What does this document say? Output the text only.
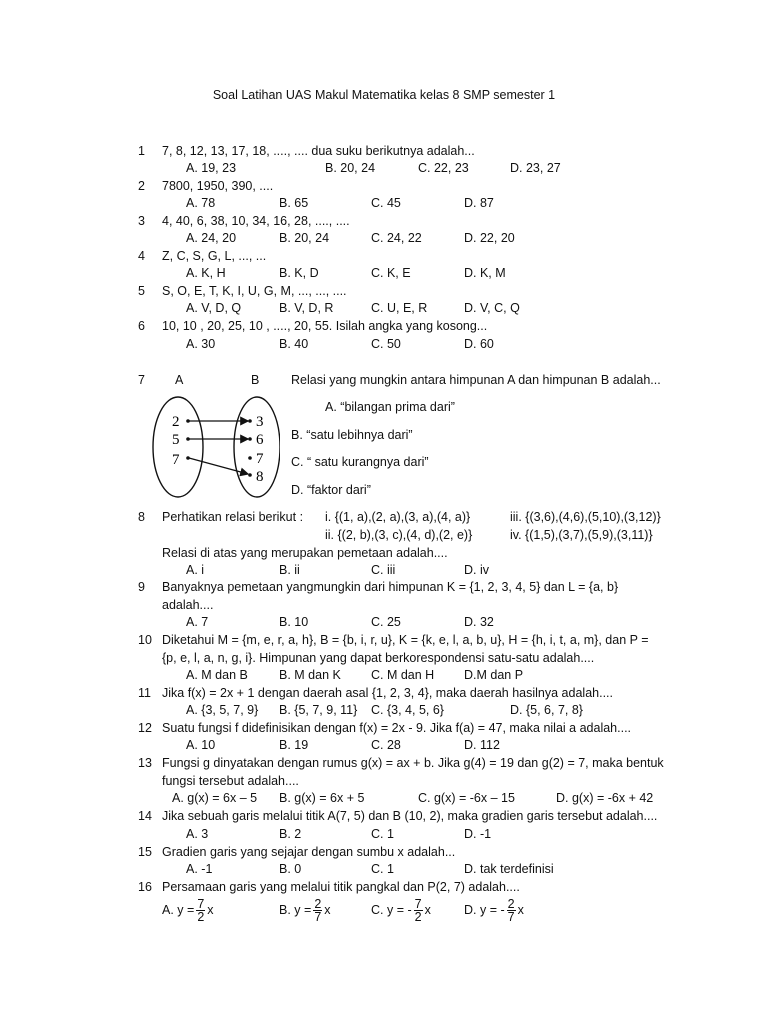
Soal Latihan UAS Makul Matematika kelas 8 SMP semester 1
1	7, 8, 12, 13, 17, 18, ...., .... dua suku berikutnya adalah...
A. 19, 23	B. 20, 24	C. 22, 23	D. 23, 27
2	7800, 1950, 390, ....
A. 78	B. 65	C. 45	D. 87
3	4, 40, 6, 38, 10, 34, 16, 28, ...., ....
A. 24, 20	B. 20, 24	C. 24, 22	D. 22, 20
4	Z, C, S, G, L, ..., ...
A. K, H	B. K, D	C. K, E	D. K, M
5	S, O, E, T, K, I, U, G, M, ..., ..., ....
A. V, D, Q	B. V, D, R	C. U, E, R	D. V, C, Q
6	10, 10 , 20, 25, 10 , ...., 20, 55. Isilah angka yang kosong...
A. 30	B. 40	C. 50	D. 60
7	A	B	Relasi yang mungkin antara himpunan A dan himpunan B adalah...
A. “bilangan prima dari”
B. “satu lebihnya dari”
C. “ satu kurangnya dari”
D. “faktor dari”
2
5
7
3
6
7
8
8	Perhatikan relasi berikut : i. {(1, a),(2, a),(3, a),(4, a)}
ii. {(2, b),(3, c),(4, d),(2, e)}
iii. {(3,6),(4,6),(5,10),(3,12)}
iv. {(1,5),(3,7),(5,9),(3,11)}
Relasi di atas yang merupakan pemetaan adalah....
A. i	B. ii	C. iii	D. iv
9	Banyaknya pemetaan yangmungkin dari himpunan K = {1, 2, 3, 4, 5} dan L = {a, b}
adalah....
A. 7	B. 10	C. 25	D. 32
10 Diketahui M = {m, e, r, a, h}, B = {b, i, r, u}, K = {k, e, l, a, b, u}, H = {h, i, t, a, m}, dan P =
{p, e, l, a, n, g, i}. Himpunan yang dapat berkorespondensi satu-satu adalah....
A. M dan B B. M dan K C. M dan H D.M dan P
11 Jika f(x) = 2x + 1 dengan daerah asal {1, 2, 3, 4}, maka daerah hasilnya adalah....
A. {3, 5, 7, 9} B. {5, 7, 9, 11} C. {3, 4, 5, 6}	D. {5, 6, 7, 8}
12 Suatu fungsi f didefinisikan dengan f(x) = 2x - 9. Jika f(a) = 47, maka nilai a adalah....
A. 10	B. 19	C. 28	D. 112
13 Fungsi g dinyatakan dengan rumus g(x) = ax + b. Jika g(4) = 19 dan g(2) = 7, maka bentuk
fungsi tersebut adalah....
A. g(x) = 6x – 5 B. g(x) = 6x + 5	C. g(x) = -6x – 15	D. g(x) = -6x + 42
14 Jika sebuah garis melalui titik A(7, 5) dan B (10, 2), maka gradien garis tersebut adalah....
A. 3	B. 2	C. 1	D. -1
15 Gradien garis yang sejajar dengan sumbu x adalah...
A. -1	B. 0	C. 1	D. tak terdefinisi
16 Persamaan garis yang melalui titik pangkal dan P(2, 7) adalah....
A. $y = \frac{7}{2}$ x	B. $y = \frac{2}{7}$ x	C. y = - $\frac{7}{2}$ x	D. y = - $\frac{2}{7}$ x
